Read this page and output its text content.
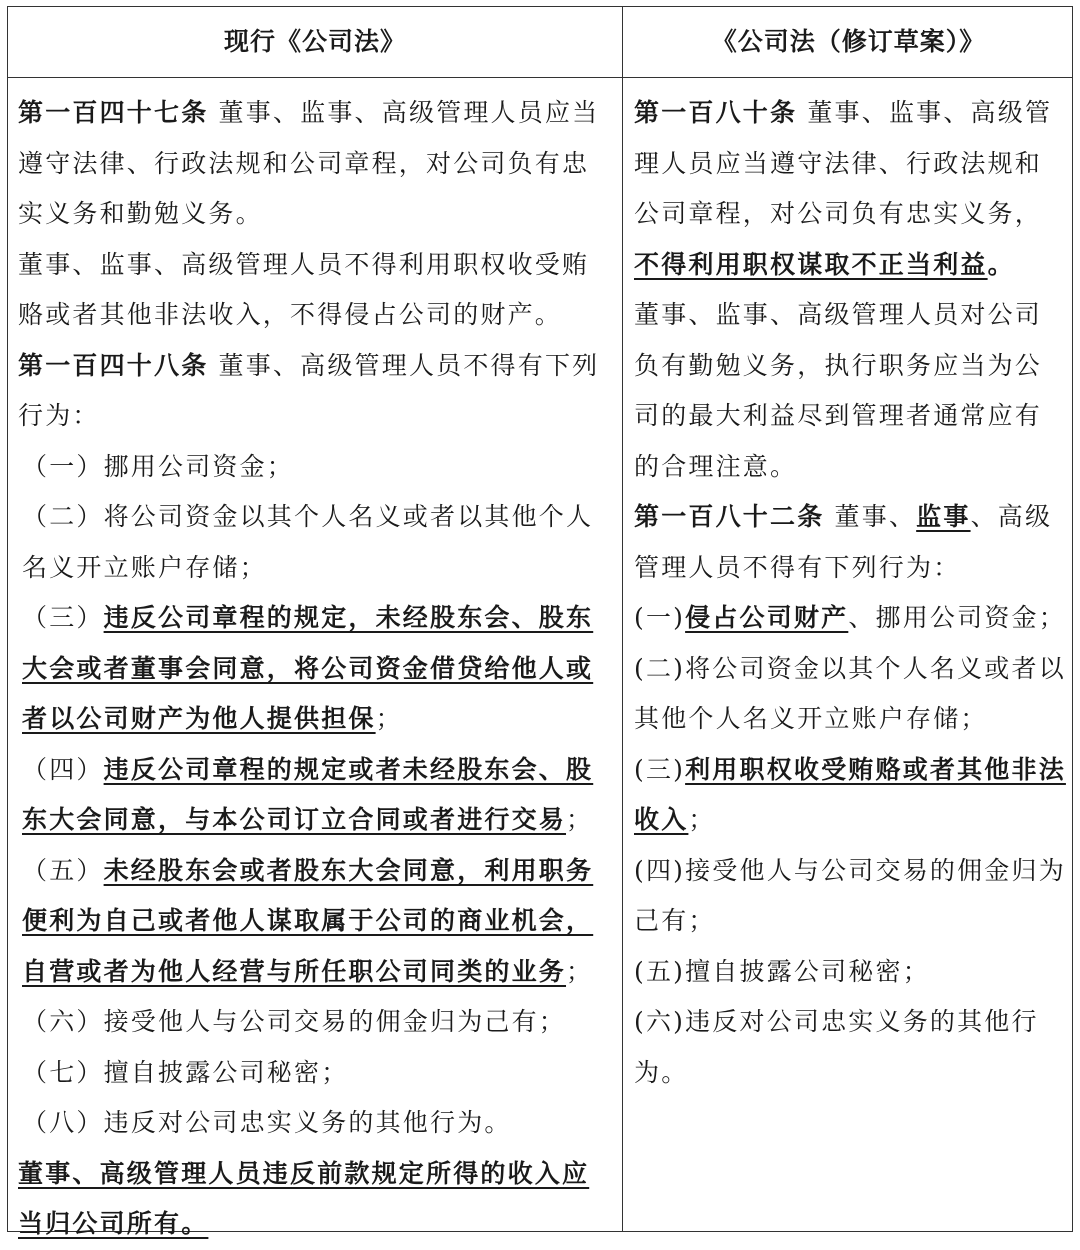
现行《公司法》	《公司法（修订草案）》

第一百四十七条 董事、监事、高级管理人员应当遵守法律、行政法规和公司章程，对公司负有忠实义务和勤勉义务。

董事、监事、高级管理人员不得利用职权收受贿赂或者其他非法收入，不得侵占公司的财产。

第一百四十八条 董事、高级管理人员不得有下列行为：

（一）挪用公司资金；

（二）将公司资金以其个人名义或者以其他个人名义开立账户存储；

（三）违反公司章程的规定，未经股东会、股东大会或者董事会同意，将公司资金借贷给他人或者以公司财产为他人提供担保；

（四）违反公司章程的规定或者未经股东会、股东大会同意，与本公司订立合同或者进行交易；

（五）未经股东会或者股东大会同意，利用职务便利为自己或者他人谋取属于公司的商业机会，自营或者为他人经营与所任职公司同类的业务；

（六）接受他人与公司交易的佣金归为己有；

（七）擅自披露公司秘密；

（八）违反对公司忠实义务的其他行为。

董事、高级管理人员违反前款规定所得的收入应当归公司所有。

第一百八十条 董事、监事、高级管理人员应当遵守法律、行政法规和公司章程，对公司负有忠实义务，不得利用职权谋取不正当利益。

董事、监事、高级管理人员对公司负有勤勉义务，执行职务应当为公司的最大利益尽到管理者通常应有的合理注意。

第一百八十二条 董事、监事、高级管理人员不得有下列行为：

(一)侵占公司财产、挪用公司资金；

(二)将公司资金以其个人名义或者以其他个人名义开立账户存储；

(三)利用职权收受贿赂或者其他非法收入；

(四)接受他人与公司交易的佣金归为己有；

(五)擅自披露公司秘密；

(六)违反对公司忠实义务的其他行为。
